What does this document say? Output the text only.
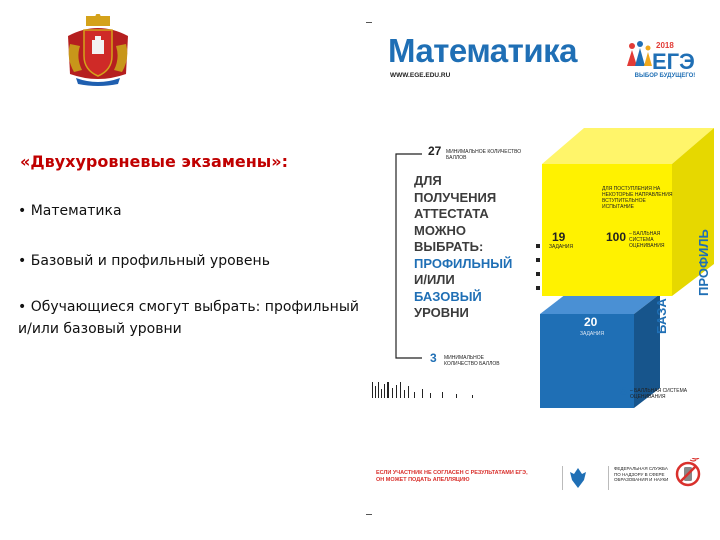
«Двухуровневые экзамены»:
• Математика
• Базовый и профильный уровень
• Обучающиеся смогут выбрать: профильный и/или базовый уровни
Математика
WWW.EGE.EDU.RU
2018
ЕГЭ
ВЫБОР БУДУЩЕГО!
27 МИНИМАЛЬНОЕ КОЛИЧЕСТВО БАЛЛОВ
ДЛЯ
ПОЛУЧЕНИЯ
АТТЕСТАТА
МОЖНО
ВЫБРАТЬ:
ПРОФИЛЬНЫЙ
И/ИЛИ
БАЗОВЫЙ
УРОВНИ
ДЛЯ ПОСТУПЛЕНИЯ НА НЕКОТОРЫЕ НАПРАВЛЕНИЯ ВСТУПИТЕЛЬНОЕ ИСПЫТАНИЕ
19
ЗАДАНИЯ
100 – БАЛЛЬНАЯ СИСТЕМА ОЦЕНИВАНИЯ
20
ЗАДАНИЯ
ПРОФИЛЬ
БАЗА
3 МИНИМАЛЬНОЕ КОЛИЧЕСТВО БАЛЛОВ
5 – БАЛЛЬНАЯ СИСТЕМА ОЦЕНИВАНИЯ
ЕСЛИ УЧАСТНИК НЕ СОГЛАСЕН С РЕЗУЛЬТАТАМИ ЕГЭ, ОН МОЖЕТ ПОДАТЬ АПЕЛЛЯЦИЮ
ФЕДЕРАЛЬНАЯ СЛУЖБА ПО НАДЗОРУ В СФЕРЕ ОБРАЗОВАНИЯ И НАУКИ
